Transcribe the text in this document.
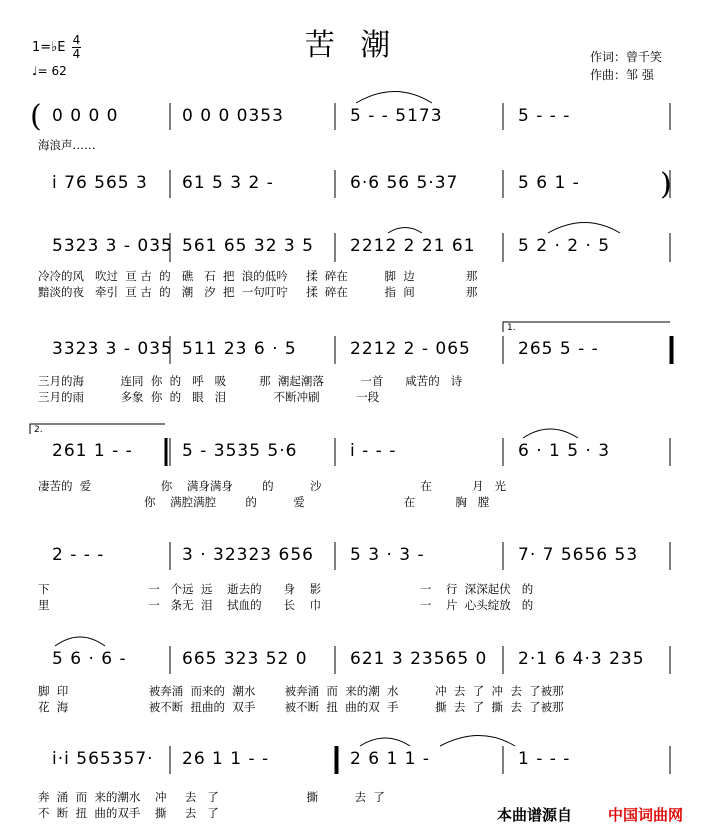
(
)
苦 潮
1=♭E 4
4
♩= 62
作词：曾千笑
作曲：邹 强
0 0 0 0	0 0 0 0353	5 - - 5173	5 - - -
海浪声……
i 76 565 3 61 5 3 2 -	6·6 56 5·37	5 6 1 -
5323 3 - 035 561 65 32 3 5 2212 2 21 61 5 2 · 2 · 5
冷冷的风   吹过  亘 古  的   礁   石  把  浪的低吟     揉  碎在          脚  边              那
黯淡的夜   牵引  亘 古  的   潮   汐  把  一句叮咛     揉  碎在          指  间              那
3323 3 - 035 511 23 6 · 5	2212 2 - 065	265 5 - -
1.
三月的海          连同  你  的   呼   吸         那  潮起潮落          一首      咸苦的   诗
三月的雨          多象  你  的   眼   泪             不断冲刷          一段
261 1 - -	5 - 3535 5·6	i - - -	6 · 1 5 · 3
2.
凄苦的  爱                   你    满身满身        的          沙                           在           月   光
你    满腔满腔        的          爱                           在           胸   膛
2 - - -	3 · 32323 656 5 3 · 3 -	7· 7 5656 53
下                           一   个远  远    逝去的      身    影                           一    行  深深起伏   的
里                           一   条无  泪    拭血的      长    巾                           一    片  心头绽放   的
5 6 · 6 -	665 323 52 0 621 3 23565 0 2·1 6 4·3 235
脚  印                      被奔涌  而来的  潮水        被奔涌  而  来的潮  水          冲  去  了  冲  去  了被那
花  海                      被不断  扭曲的  双手        被不断  扭  曲的双  手          撕  去  了  撕  去  了被那
i·i 565357· 26 1 1 - -	2 6 1 1 -	1 - - -
奔  涌  而  来的潮水    冲     去   了                        撕          去  了
不  断  扭  曲的双手    撕     去   了	本曲谱源自 中国词曲网
